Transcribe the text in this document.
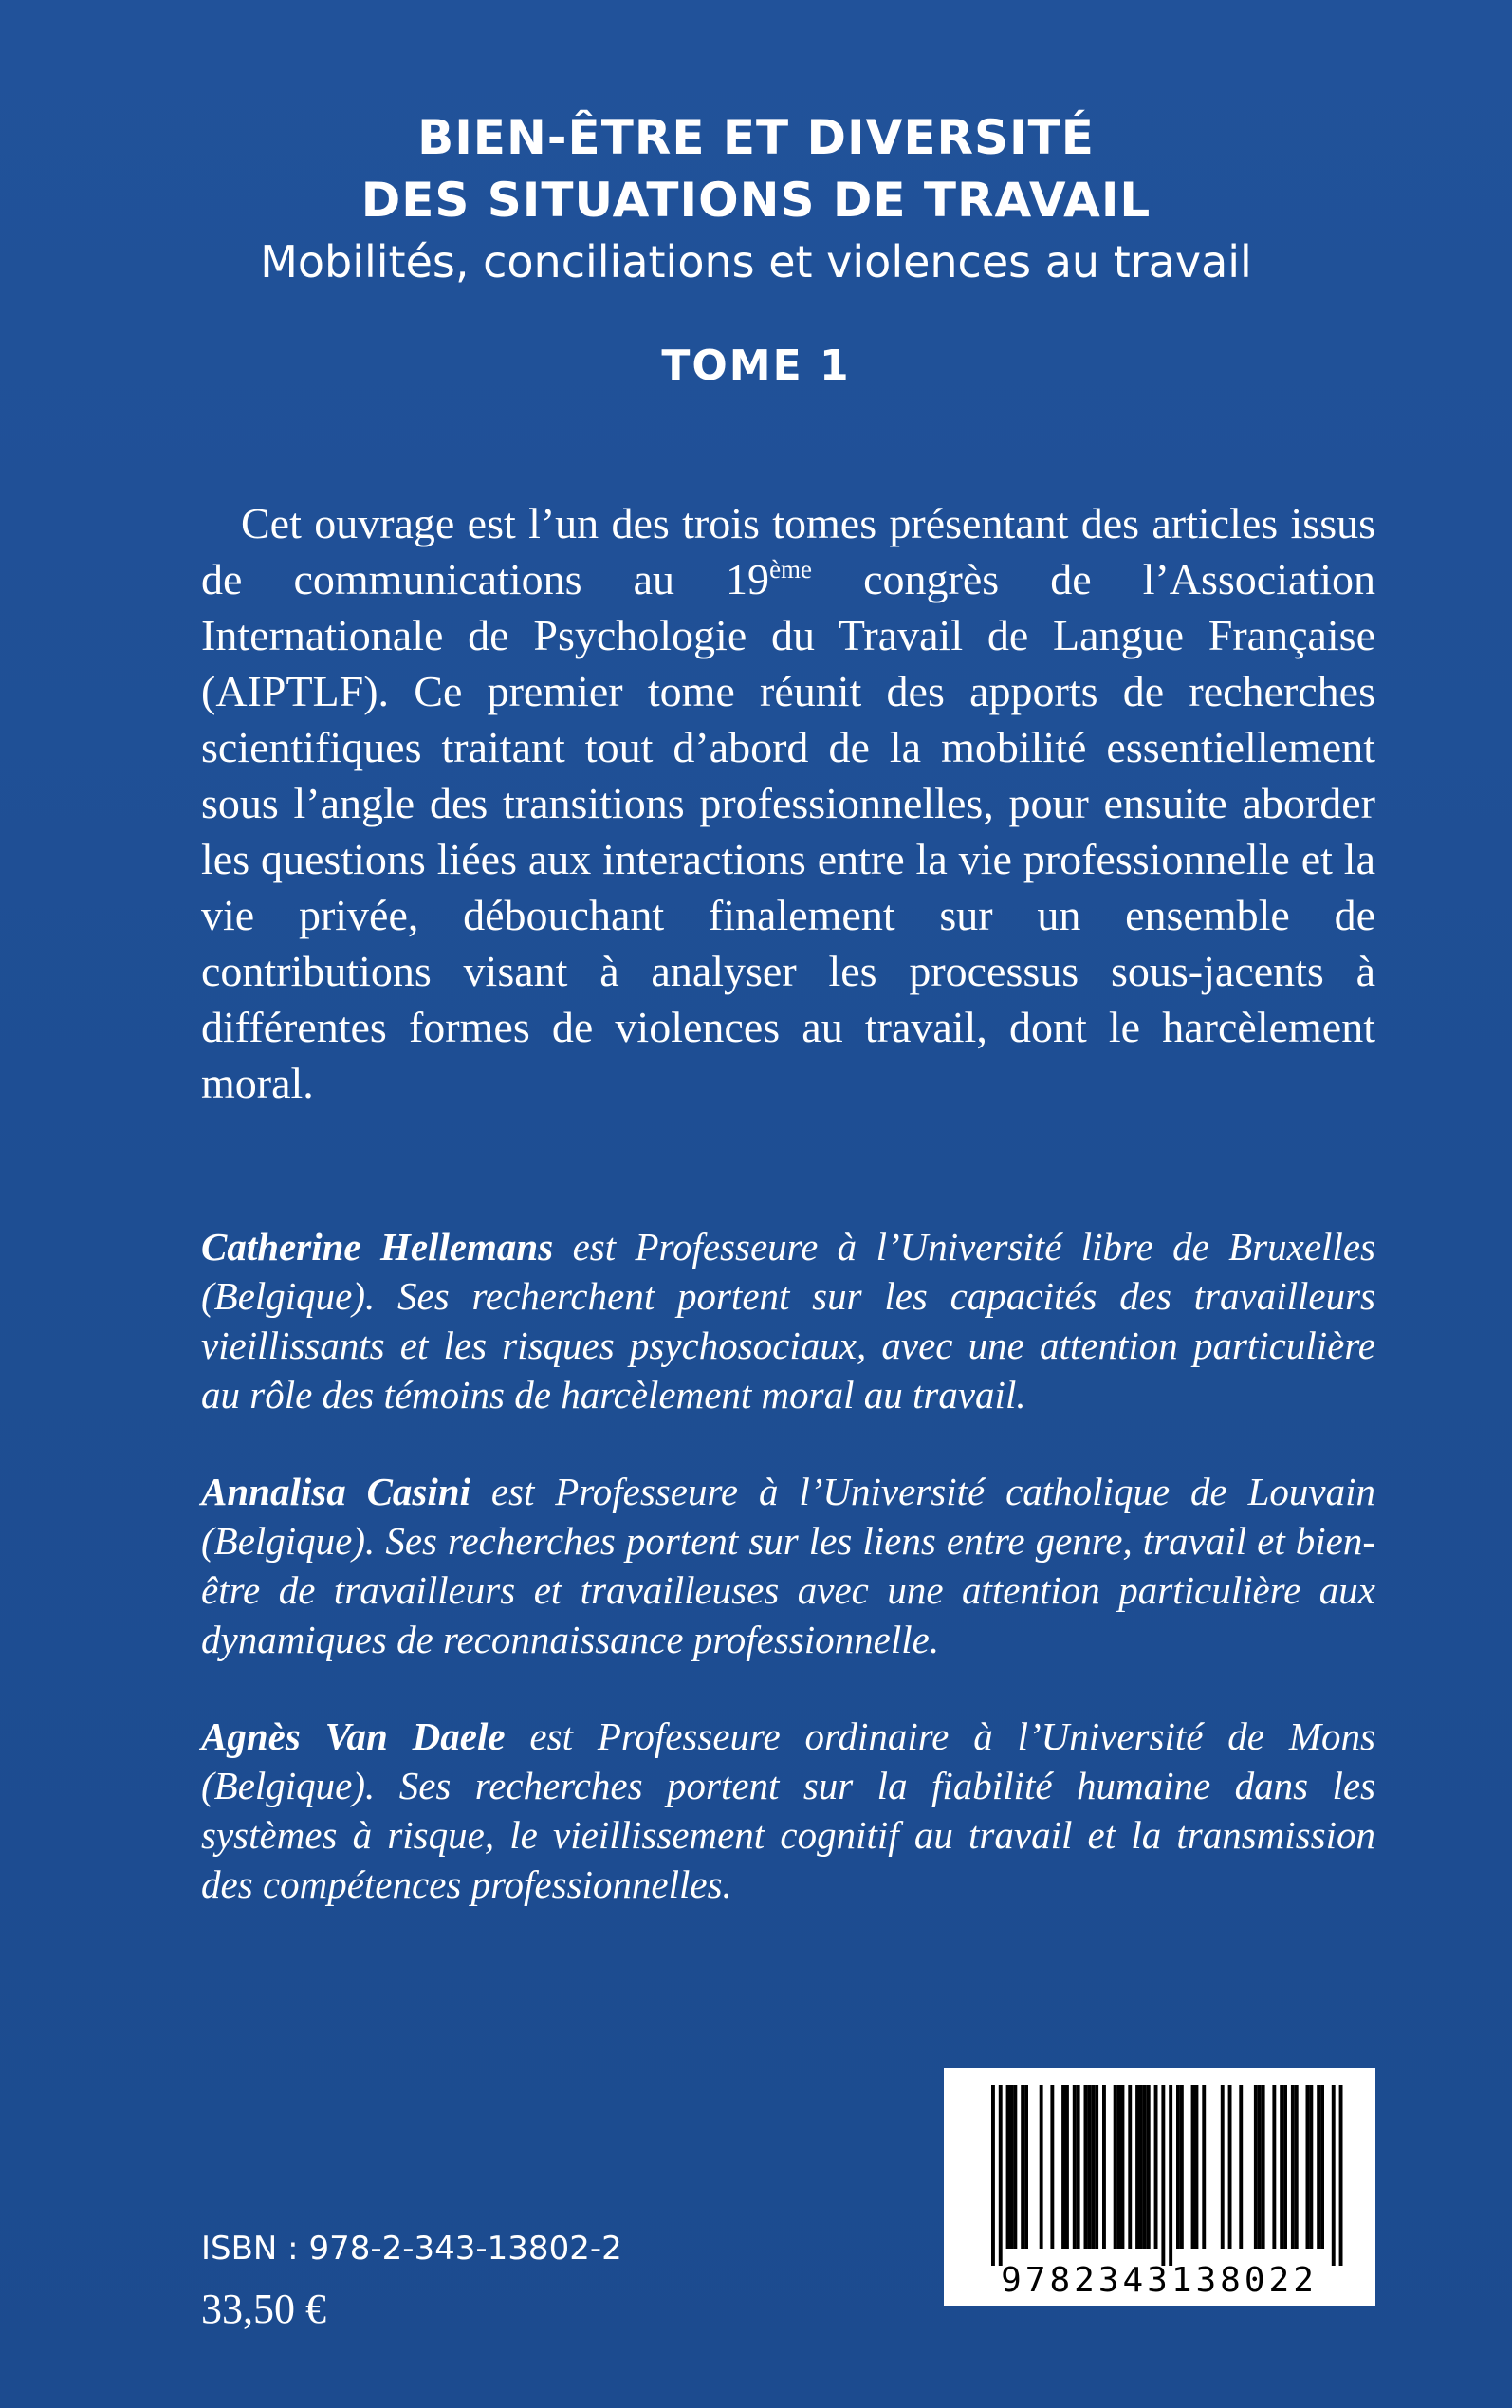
BIEN-ÊTRE ET DIVERSITÉ
DES SITUATIONS DE TRAVAIL
Mobilités, conciliations et violences au travail
TOME 1
Cet ouvrage est l’un des trois tomes présentant des articles issus de communications au 19ème congrès de l’Association Internationale de Psychologie du Travail de Langue Française (AIPTLF). Ce premier tome réunit des apports de recherches scientifiques traitant tout d’abord de la mobilité essentiellement sous l’angle des transitions professionnelles, pour ensuite aborder les questions liées aux interactions entre la vie professionnelle et la vie privée, débouchant finalement sur un ensemble de contributions visant à analyser les processus sous-jacents à différentes formes de violences au travail, dont le harcèlement moral.

Catherine Hellemans est Professeure à l’Université libre de Bruxelles (Belgique). Ses recherchent portent sur les capacités des travailleurs vieillissants et les risques psychosociaux, avec une attention particulière au rôle des témoins de harcèlement moral au travail.

Annalisa Casini est Professeure à l’Université catholique de Louvain (Belgique). Ses recherches portent sur les liens entre genre, travail et bien-être de travailleurs et travailleuses avec une attention particulière aux dynamiques de reconnaissance professionnelle.

Agnès Van Daele est Professeure ordinaire à l’Université de Mons (Belgique). Ses recherches portent sur la fiabilité humaine dans les systèmes à risque, le vieillissement cognitif au travail et la transmission des compétences professionnelles.

9782343138022
ISBN : 978-2-343-13802-2
33,50 €
